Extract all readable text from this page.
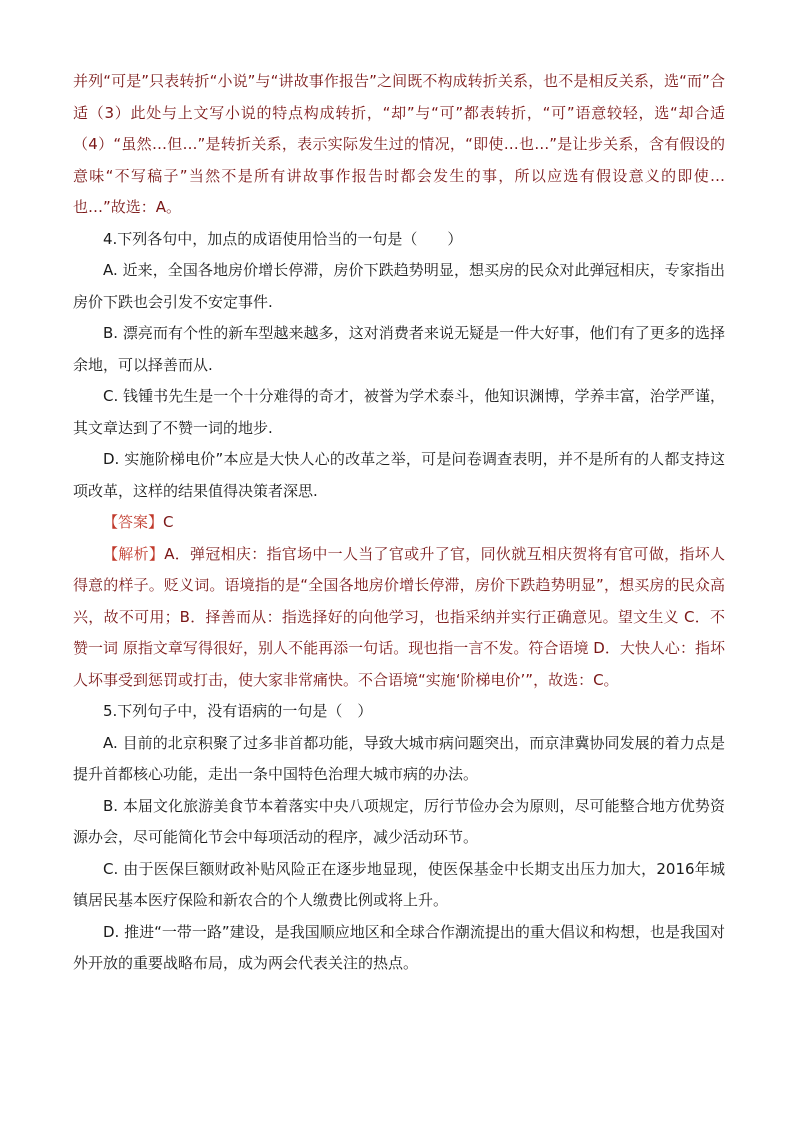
并列“可是”只表转折“小说”与“讲故事作报告”之间既不构成转折关系，也不是相反关系，选“而”合适（3）此处与上文写小说的特点构成转折，“却”与“可”都表转折，“可”语意较轻，选“却合适（4）“虽然…但…”是转折关系，表示实际发生过的情况，“即使…也…”是让步关系，含有假设的意味“不写稿子”当然不是所有讲故事作报告时都会发生的事，所以应选有假设意义的即使…也…”故选：A。

4.下列各句中，加点的成语使用恰当的一句是（　　）

A. 近来，全国各地房价增长停滞，房价下跌趋势明显，想买房的民众对此弹冠相庆，专家指出房价下跌也会引发不安定事件.

B. 漂亮而有个性的新车型越来越多，这对消费者来说无疑是一件大好事，他们有了更多的选择余地，可以择善而从.

C. 钱锺书先生是一个十分难得的奇才，被誉为学术泰斗，他知识渊博，学养丰富，治学严谨，其文章达到了不赞一词的地步.

D. 实施阶梯电价”本应是大快人心的改革之举，可是问卷调查表明，并不是所有的人都支持这项改革，这样的结果值得决策者深思.

【答案】C

【解析】A．弹冠相庆：指官场中一人当了官或升了官，同伙就互相庆贺将有官可做，指坏人得意的样子。贬义词。语境指的是“全国各地房价增长停滞，房价下跌趋势明显”，想买房的民众高兴，故不可用；B．择善而从：指选择好的向他学习，也指采纳并实行正确意见。望文生义 C．不赞一词 原指文章写得很好，别人不能再添一句话。现也指一言不发。符合语境 D．大快人心：指坏人坏事受到惩罚或打击，使大家非常痛快。不合语境“实施‘阶梯电价’”，故选：C。

5.下列句子中，没有语病的一句是（　）

A. 目前的北京积聚了过多非首都功能，导致大城市病问题突出，而京津冀协同发展的着力点是提升首都核心功能，走出一条中国特色治理大城市病的办法。

B. 本届文化旅游美食节本着落实中央八项规定，厉行节俭办会为原则，尽可能整合地方优势资源办会，尽可能简化节会中每项活动的程序，减少活动环节。

C. 由于医保巨额财政补贴风险正在逐步地显现，使医保基金中长期支出压力加大，2016年城镇居民基本医疗保险和新农合的个人缴费比例或将上升。

D. 推进“一带一路”建设，是我国顺应地区和全球合作潮流提出的重大倡议和构想，也是我国对外开放的重要战略布局，成为两会代表关注的热点。
